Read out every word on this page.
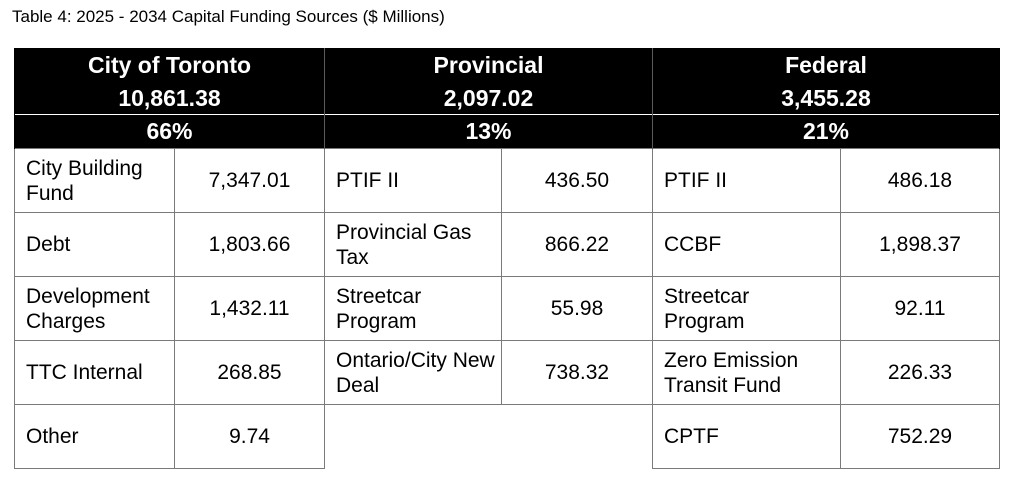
Table 4: 2025 - 2034 Capital Funding Sources ($ Millions)
City of Toronto		Provincial		Federal	
10,861.38		2,097.02		3,455.28	
66%		13%		21%	
City Building Fund	7,347.01	PTIF II	436.50	PTIF II	486.18
Debt	1,803.66	Provincial Gas Tax	866.22	CCBF	1,898.37
Development Charges	1,432.11	Streetcar Program	55.98	Streetcar Program	92.11
TTC Internal	268.85	Ontario/City New Deal	738.32	Zero Emission Transit Fund	226.33
Other	9.74			CPTF	752.29
